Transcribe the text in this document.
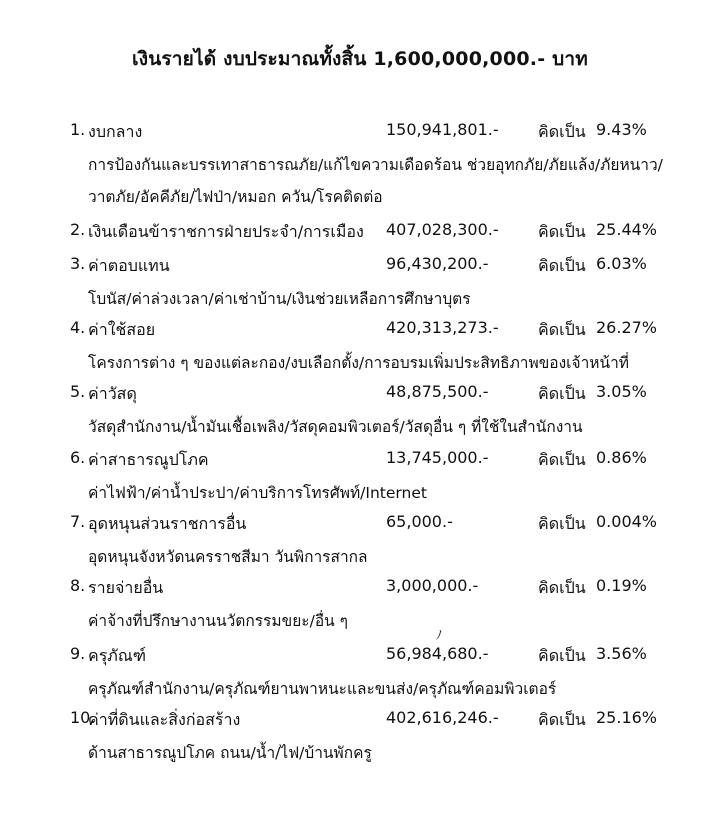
เงินรายได้ งบประมาณทั้งสิ้น 1,600,000,000.- บาท
1. งบกลาง	150,941,801.- คิดเป็น 9.43%
การป้องกันและบรรเทาสาธารณภัย/แก้ไขความเดือดร้อน ช่วยอุทกภัย/ภัยแล้ง/ภัยหนาว/
วาตภัย/อัคคีภัย/ไฟป่า/หมอก ควัน/โรคติดต่อ
2. เงินเดือนข้าราชการฝ่ายประจำ/การเมือง 407,028,300.- คิดเป็น 25.44%
3. ค่าตอบแทน	96,430,200.-	คิดเป็น 6.03%
โบนัส/ค่าล่วงเวลา/ค่าเช่าบ้าน/เงินช่วยเหลือการศึกษาบุตร
4. ค่าใช้สอย	420,313,273.- คิดเป็น 26.27%
โครงการต่าง ๆ ของแต่ละกอง/งบเลือกตั้ง/การอบรมเพิ่มประสิทธิภาพของเจ้าหน้าที่
5. ค่าวัสดุ	48,875,500.-	คิดเป็น 3.05%
วัสดุสำนักงาน/น้ำมันเชื้อเพลิง/วัสดุคอมพิวเตอร์/วัสดุอื่น ๆ ที่ใช้ในสำนักงาน
6. ค่าสาธารณูปโภค	13,745,000.-	คิดเป็น 0.86%
ค่าไฟฟ้า/ค่าน้ำประปา/ค่าบริการโทรศัพท์/Internet
7. อุดหนุนส่วนราชการอื่น	65,000.-	คิดเป็น 0.004%
อุดหนุนจังหวัดนครราชสีมา วันพิการสากล
8. รายจ่ายอื่น	3,000,000.-	คิดเป็น 0.19%
ค่าจ้างที่ปรึกษางานนวัตกรรมขยะ/อื่น ๆ
9. ครุภัณฑ์	56,984,680.-	คิดเป็น 3.56%
ครุภัณฑ์สำนักงาน/ครุภัณฑ์ยานพาหนะและขนส่ง/ครุภัณฑ์คอมพิวเตอร์
10.
ค่าที่ดินและสิ่งก่อสร้าง	402,616,246.- คิดเป็น 25.16%
ด้านสาธารณูปโภค ถนน/น้ำ/ไฟ/บ้านพักครู
ﾉ
